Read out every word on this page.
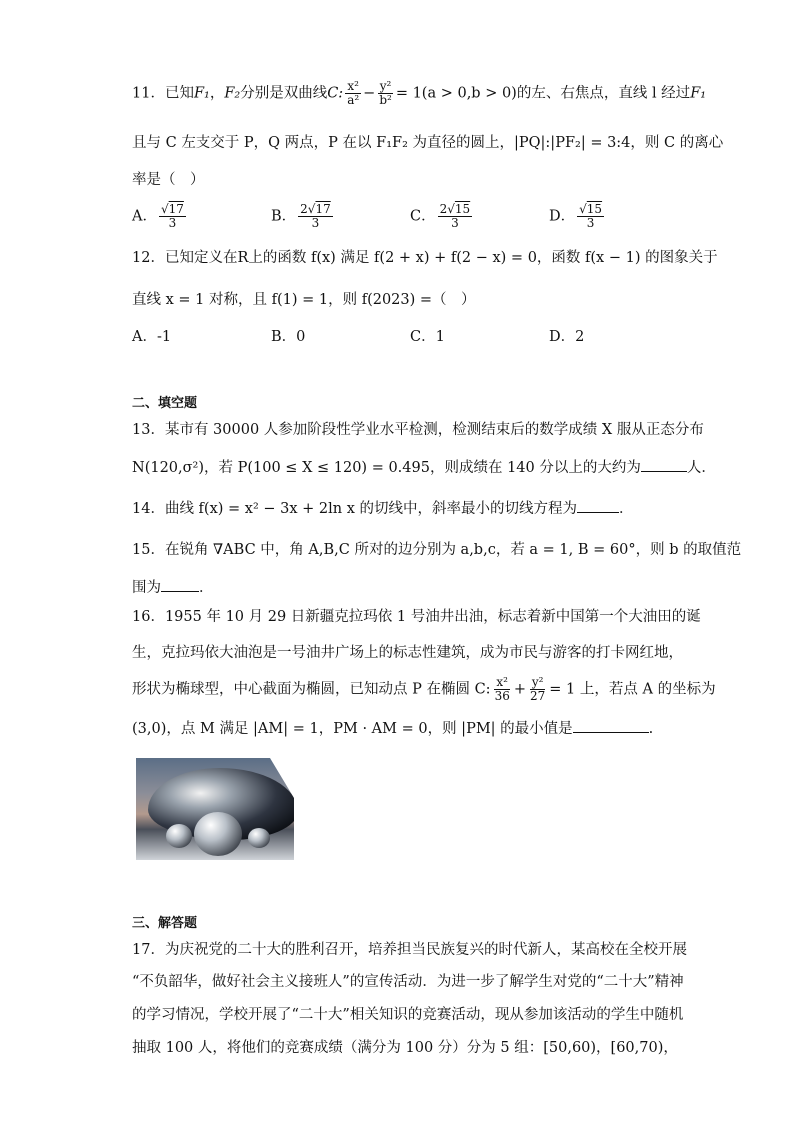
11．已知F₁，F₂分别是双曲线C: $\frac{\text{x²}}{\text{a²}} - \frac{\text{y²}}{\text{b²}} = 1(a > 0,b > 0)$的左、右焦点，直线 l 经过F₁
且与 C 左支交于 P，Q 两点，P 在以 F₁F₂ 为直径的圆上，|PQ|:|PF₂| = 3:4，则 C 的离心
率是（　）
A． $\frac{√17}{3}$	B． $\frac{2√17}{3}$	C． $\frac{2√15}{3}$	D． $\frac{√15}{3}$
12．已知定义在R上的函数 f(x) 满足 f(2 + x) + f(2 − x) = 0，函数 f(x − 1) 的图象关于
直线 x = 1 对称，且 f(1) = 1，则 f(2023) =（　）
A．-1	B．0	C．1	D．2
二、填空题
13．某市有 30000 人参加阶段性学业水平检测，检测结束后的数学成绩 X 服从正态分布
N(120,σ²)，若 P(100 ≤ X ≤ 120) = 0.495，则成绩在 140 分以上的大约为	人．
14．曲线 f(x) = x² − 3x + 2ln x 的切线中，斜率最小的切线方程为	．
15．在锐角 ∇ABC 中，角 A,B,C 所对的边分别为 a,b,c，若 a = 1, B = 60°，则 b 的取值范
围为	．
16．1955 年 10 月 29 日新疆克拉玛依 1 号油井出油，标志着新中国第一个大油田的诞
生，克拉玛依大油泡是一号油井广场上的标志性建筑，成为市民与游客的打卡网红地，
形状为椭球型，中心截面为椭圆，已知动点 P 在椭圆 C: $\frac{\text{x²}}{36} + \frac{\text{y²}}{27} = 1$ 上，若点 A 的坐标为
(3,0)，点 M 满足 |AM| = 1，PM · AM = 0，则 |PM| 的最小值是	.
三、解答题
17．为庆祝党的二十大的胜利召开，培养担当民族复兴的时代新人，某高校在全校开展
“不负韶华，做好社会主义接班人”的宣传活动．为进一步了解学生对党的“二十大”精神
的学习情况，学校开展了“二十大”相关知识的竞赛活动，现从参加该活动的学生中随机
抽取 100 人，将他们的竞赛成绩（满分为 100 分）分为 5 组：[50,60)，[60,70)，
